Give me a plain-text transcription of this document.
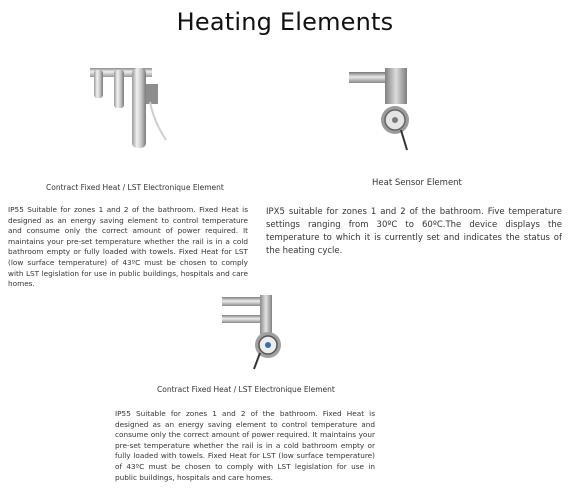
Heating Elements
Contract Fixed Heat / LST Electronique Element

IP55 Suitable for zones 1 and 2 of the bathroom. Fixed Heat is designed as an energy saving element to control temperature and consume only the correct amount of power required. It maintains your pre-set temperature whether the rail is in a cold bathroom empty or fully loaded with towels. Fixed Heat for LST (low surface temperature) of 43ºC must be chosen to comply with LST legislation for use in public buildings, hospitals and care homes.

Heat Sensor Element

IPX5 suitable for zones 1 and 2 of the bathroom. Five temperature settings ranging from 30ºC to 60ºC.The device displays the temperature to which it is currently set and indicates the status of the heating cycle.

Contract Fixed Heat / LST Electronique Element

IP55 Suitable for zones 1 and 2 of the bathroom. Fixed Heat is designed as an energy saving element to control temperature and consume only the correct amount of power required. It maintains your pre-set temperature whether the rail is in a cold bathroom empty or fully loaded with towels. Fixed Heat for LST (low surface temperature) of 43ºC must be chosen to comply with LST legislation for use in public buildings, hospitals and care homes.
